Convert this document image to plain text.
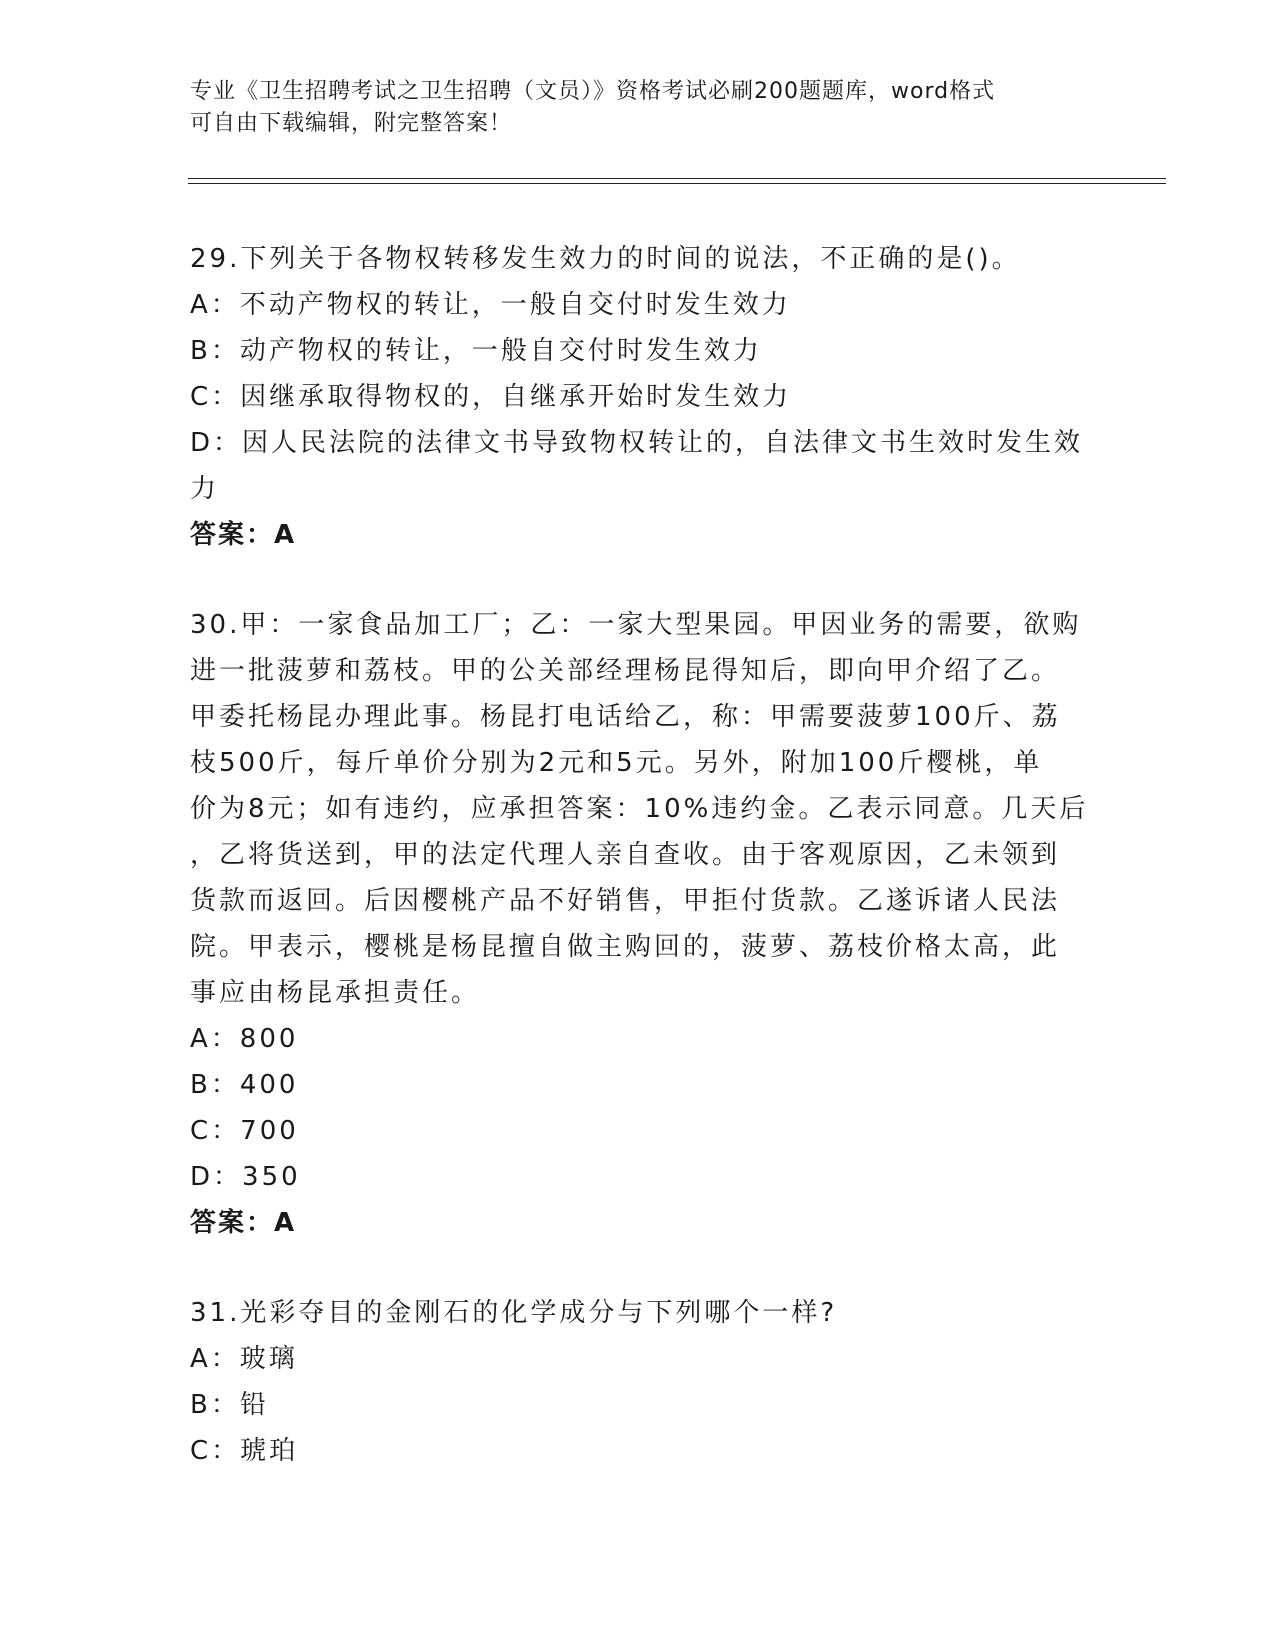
专业《卫生招聘考试之卫生招聘（文员）》资格考试必刷200题题库，word格式
可自由下载编辑，附完整答案！
29.下列关于各物权转移发生效力的时间的说法，不正确的是()。
A：不动产物权的转让，一般自交付时发生效力
B：动产物权的转让，一般自交付时发生效力
C：因继承取得物权的，自继承开始时发生效力
D：因人民法院的法律文书导致物权转让的，自法律文书生效时发生效
力
答案：A
30.甲：一家食品加工厂；乙：一家大型果园。甲因业务的需要，欲购
进一批菠萝和荔枝。甲的公关部经理杨昆得知后，即向甲介绍了乙。
甲委托杨昆办理此事。杨昆打电话给乙，称：甲需要菠萝100斤、荔
枝500斤，每斤单价分别为2元和5元。另外，附加100斤樱桃，单
价为8元；如有违约，应承担答案：10%违约金。乙表示同意。几天后
，乙将货送到，甲的法定代理人亲自查收。由于客观原因，乙未领到
货款而返回。后因樱桃产品不好销售，甲拒付货款。乙遂诉诸人民法
院。甲表示，樱桃是杨昆擅自做主购回的，菠萝、荔枝价格太高，此
事应由杨昆承担责任。
A：800
B：400
C：700
D：350
答案：A
31.光彩夺目的金刚石的化学成分与下列哪个一样?
A：玻璃
B：铅
C：琥珀
